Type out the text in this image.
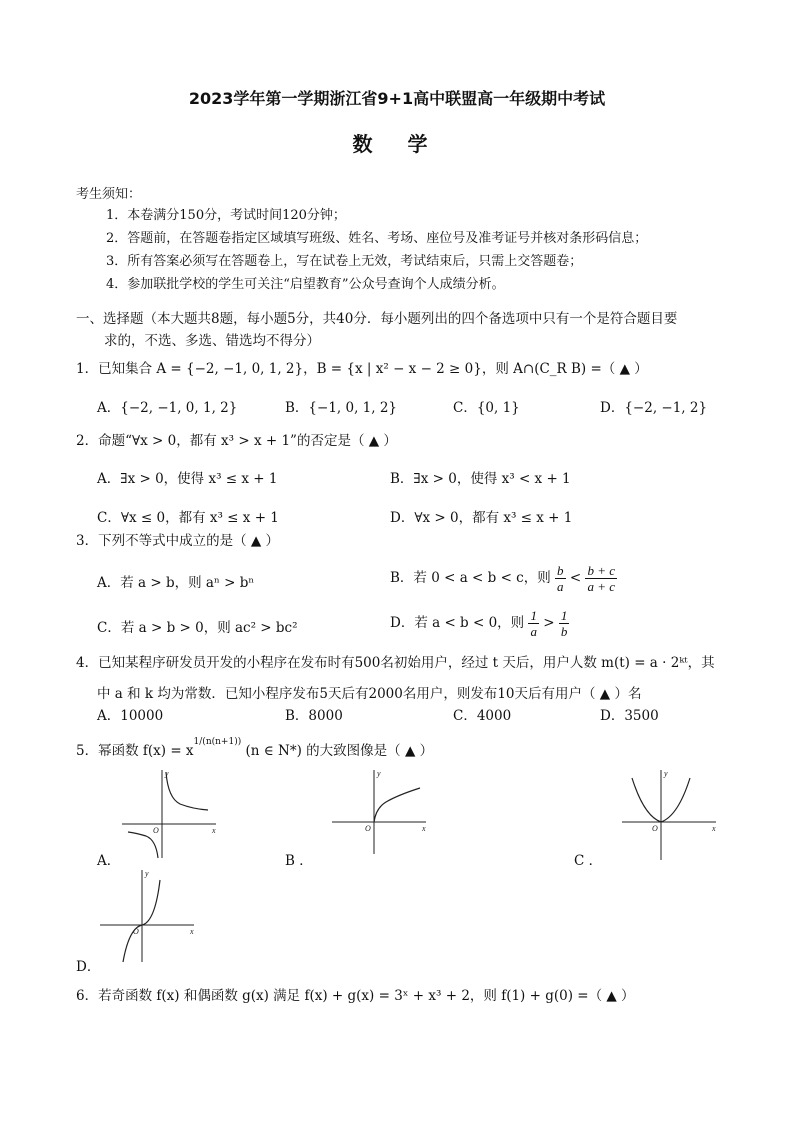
2023学年第一学期浙江省9+1高中联盟高一年级期中考试
数 学
考生须知：
1．本卷满分150分，考试时间120分钟；
2．答题前，在答题卷指定区域填写班级、姓名、考场、座位号及准考证号并核对条形码信息；
3．所有答案必须写在答题卷上，写在试卷上无效，考试结束后，只需上交答题卷；
4．参加联批学校的学生可关注“启望教育”公众号查询个人成绩分析。
一、选择题（本大题共8题，每小题5分，共40分．每小题列出的四个备选项中只有一个是符合题目要
求的，不选、多选、错选均不得分）
1．已知集合 A = {−2, −1, 0, 1, 2}，B = {x | x² − x − 2 ≥ 0}，则 A∩(C_R B) =（ ▲ ）
A．{−2, −1, 0, 1, 2}	B．{−1, 0, 1, 2}	C．{0, 1}	D．{−2, −1, 2}
2．命题“∀x > 0，都有 x³ > x + 1”的否定是（ ▲ ）
A．∃x > 0，使得 x³ ≤ x + 1	B．∃x > 0，使得 x³ < x + 1
C．∀x ≤ 0，都有 x³ ≤ x + 1	D．∀x > 0，都有 x³ ≤ x + 1
3．下列不等式中成立的是（ ▲ ）
A．若 a > b，则 aⁿ > bⁿ	B．若 0 < a < b < c，则 $\frac{b}{a} < \frac{b + c}{a + c}$
C．若 a > b > 0，则 ac² > bc²	D．若 a < b < 0，则 $\frac{1}{a} > \frac{1}{b}$
4．已知某程序研发员开发的小程序在发布时有500名初始用户，经过 t 天后，用户人数 m(t) = a · 2ᵏᵗ，其
中 a 和 k 均为常数．已知小程序发布5天后有2000名用户，则发布10天后有用户（ ▲ ）名
A．10000	B．8000	C．4000	D．3500
5．幂函数 $f(x) = x^{1/(n(n+1))}$ (n ∈ N*) 的大致图像是（ ▲ ）
y
x
O
A．
y
x
O
B ．
y
x
O
C ．
y
x
O
D．
6．若奇函数 f(x) 和偶函数 g(x) 满足 f(x) + g(x) = 3ˣ + x³ + 2，则 f(1) + g(0) =（ ▲ ）
